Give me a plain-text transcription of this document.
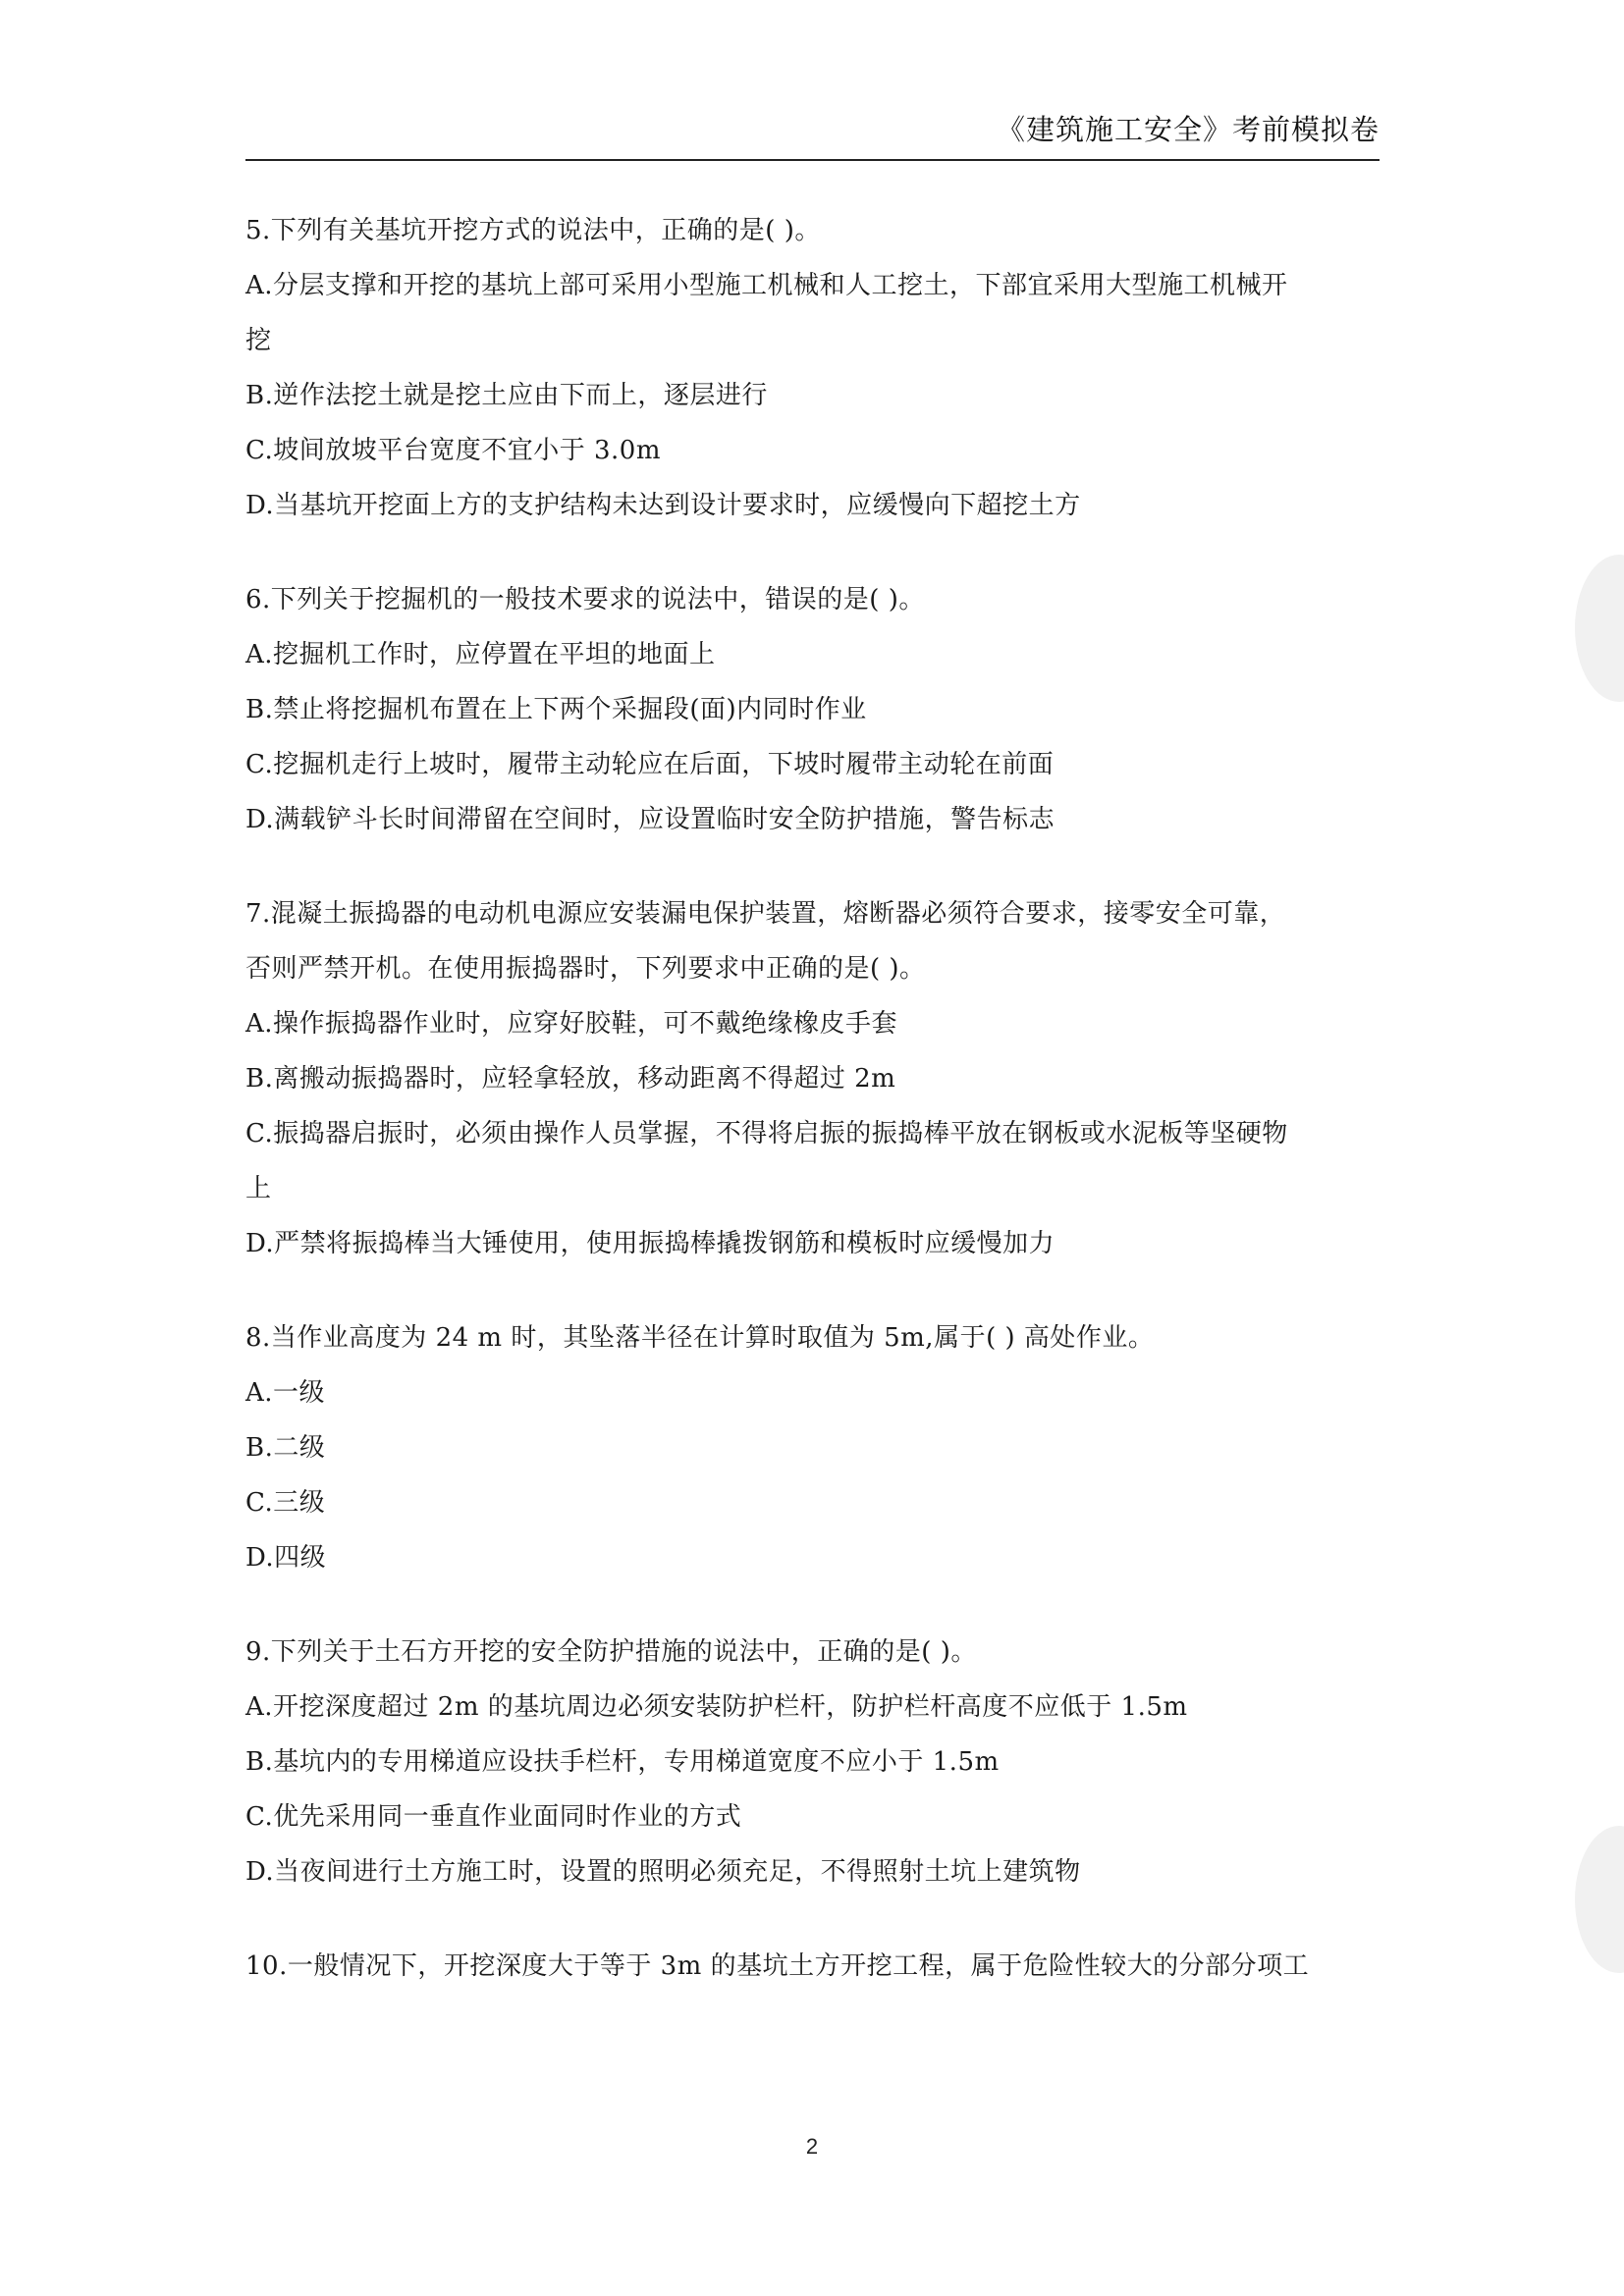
《建筑施工安全》考前模拟卷
5.下列有关基坑开挖方式的说法中，正确的是( )。
A.分层支撑和开挖的基坑上部可采用小型施工机械和人工挖土，下部宜采用大型施工机械开
挖
B.逆作法挖土就是挖土应由下而上，逐层进行
C.坡间放坡平台宽度不宜小于 3.0m
D.当基坑开挖面上方的支护结构未达到设计要求时，应缓慢向下超挖土方
6.下列关于挖掘机的一般技术要求的说法中，错误的是( )。
A.挖掘机工作时，应停置在平坦的地面上
B.禁止将挖掘机布置在上下两个采掘段(面)内同时作业
C.挖掘机走行上坡时，履带主动轮应在后面，下坡时履带主动轮在前面
D.满载铲斗长时间滞留在空间时，应设置临时安全防护措施，警告标志
7.混凝土振捣器的电动机电源应安装漏电保护装置，熔断器必须符合要求，接零安全可靠，
否则严禁开机。在使用振捣器时，下列要求中正确的是( )。
A.操作振捣器作业时，应穿好胶鞋，可不戴绝缘橡皮手套
B.离搬动振捣器时，应轻拿轻放，移动距离不得超过 2m
C.振捣器启振时，必须由操作人员掌握，不得将启振的振捣棒平放在钢板或水泥板等坚硬物
上
D.严禁将振捣棒当大锤使用，使用振捣棒撬拨钢筋和模板时应缓慢加力
8.当作业高度为 24 m 时，其坠落半径在计算时取值为 5m,属于( ) 高处作业。
A.一级
B.二级
C.三级
D.四级
9.下列关于土石方开挖的安全防护措施的说法中，正确的是( )。
A.开挖深度超过 2m 的基坑周边必须安装防护栏杆，防护栏杆高度不应低于 1.5m
B.基坑内的专用梯道应设扶手栏杆，专用梯道宽度不应小于 1.5m
C.优先采用同一垂直作业面同时作业的方式
D.当夜间进行土方施工时，设置的照明必须充足，不得照射土坑上建筑物
10.一般情况下，开挖深度大于等于 3m 的基坑土方开挖工程，属于危险性较大的分部分项工
2
